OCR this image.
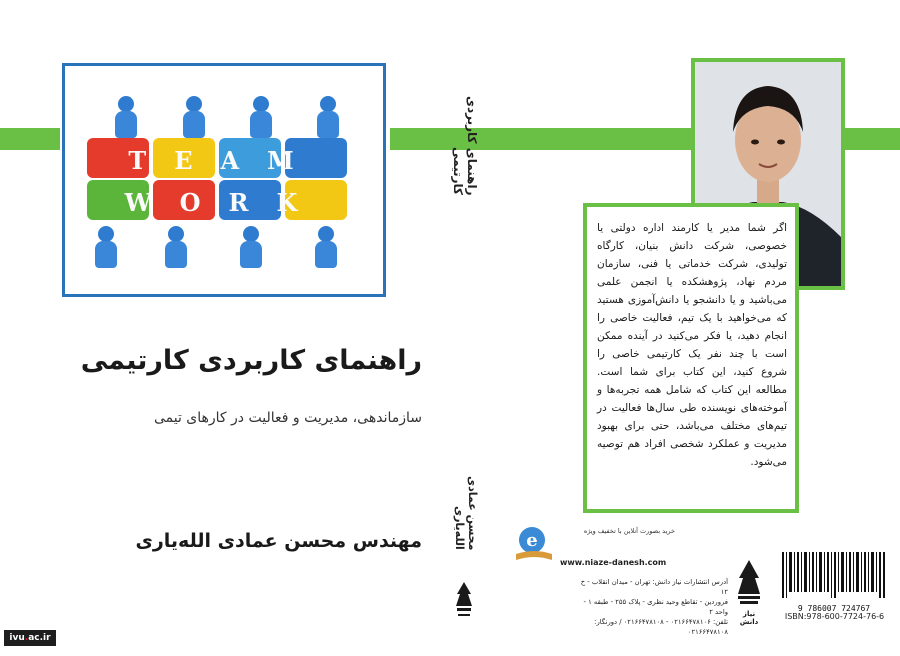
TEAM
WORK
راهنمای کاربردی کارتیمی
سازماندهی، مدیریت و فعالیت در کارهای تیمی
مهندس محسن عمادی الله‌یاری
راهنمای کاربردی کارتیمی
محسن عمادی الله‌یاری
اگر شما مدیر یا کارمند اداره دولتی یا خصوصی، شرکت دانش بنیان، کارگاه تولیدی، شرکت خدماتی یا فنی، سازمان مردم نهاد، پژوهشکده یا انجمن علمی می‌باشید و یا دانشجو یا دانش‌آموزی هستید که می‌خواهید با یک تیم، فعالیت خاصی را انجام دهید، یا فکر می‌کنید در آینده ممکن است با چند نفر یک کارتیمی خاصی را شروع کنید، این کتاب برای شما است. مطالعه این کتاب که شامل همه تجربه‌ها و آموخته‌های نویسنده طی سال‌ها فعالیت در تیم‌های مختلف می‌باشد، حتی برای بهبود مدیریت و عملکرد شخصی افراد هم توصیه می‌شود.
e	خرید بصورت آنلاین با تخفیف ویژه
www.niaze-danesh.com
آدرس انتشارات نیاز دانش: تهران - میدان انقلاب - خ ۱۲
فروردین - تقاطع وحید نظری - پلاک ۲۵۵ - طبقه ۱ - واحد ۲
تلفن: ۰۲۱۶۶۴۷۸۱۰۶ - ۰۲۱۶۶۴۷۸۱۰۸ / دورنگار: ۰۲۱۶۶۴۷۸۱۰۸
نیاز دانش
9 786007 724767
ISBN:978-600-7724-76-6
ivu . ac.ir
